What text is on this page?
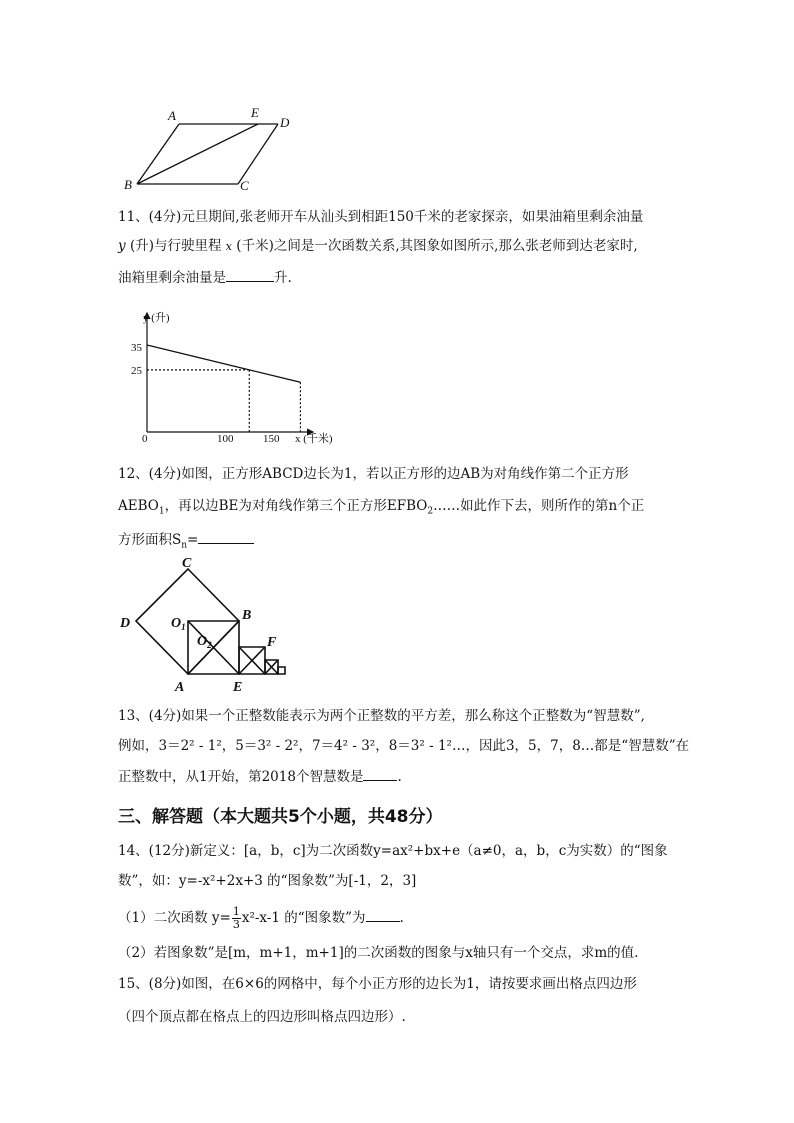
A	E
D
B	C
11、(4分)元旦期间,张老师开车从汕头到相距150千米的老家探亲，如果油箱里剩余油量
y (升)与行驶里程 x (千米)之间是一次函数关系,其图象如图所示,那么张老师到达老家时,
油箱里剩余油量是	升.
y (升)
x (千米)
0
35
25
100	150
12、(4分)如图，正方形ABCD边长为1，若以正方形的边AB为对角线作第二个正方形
$AEBO_1$，再以边BE为对角线作第三个正方形$EFBO_2\dots\dots$如此作下去，则所作的第n个正
方形面积$S_n=$
C
D
B
$O_1$
$O_2$	F
A	E
13、(4分)如果一个正整数能表示为两个正整数的平方差，那么称这个正整数为“智慧数”,
例如，3＝2² - 1²，5＝3² - 2²，7＝4² - 3²，8＝3² - 1²…，因此3，5，7，8…都是“智慧数”在
正整数中，从1开始，第2018个智慧数是	.
三、解答题（本大题共5个小题，共48分）
14、(12分)新定义：[a，b，c]为二次函数y=ax²+bx+e（a≠0，a，b，c为实数）的“图象
数”，如：y=-x²+2x+3 的“图象数”为[-1，2，3]
（1）二次函数 $y= \frac{1}{3} x^2-x-1$ 的“图象数”为	.
（2）若图象数”是[m，m+1，m+1]的二次函数的图象与x轴只有一个交点，求m的值.
15、(8分)如图，在6×6的网格中，每个小正方形的边长为1，请按要求画出格点四边形
（四个顶点都在格点上的四边形叫格点四边形）.
